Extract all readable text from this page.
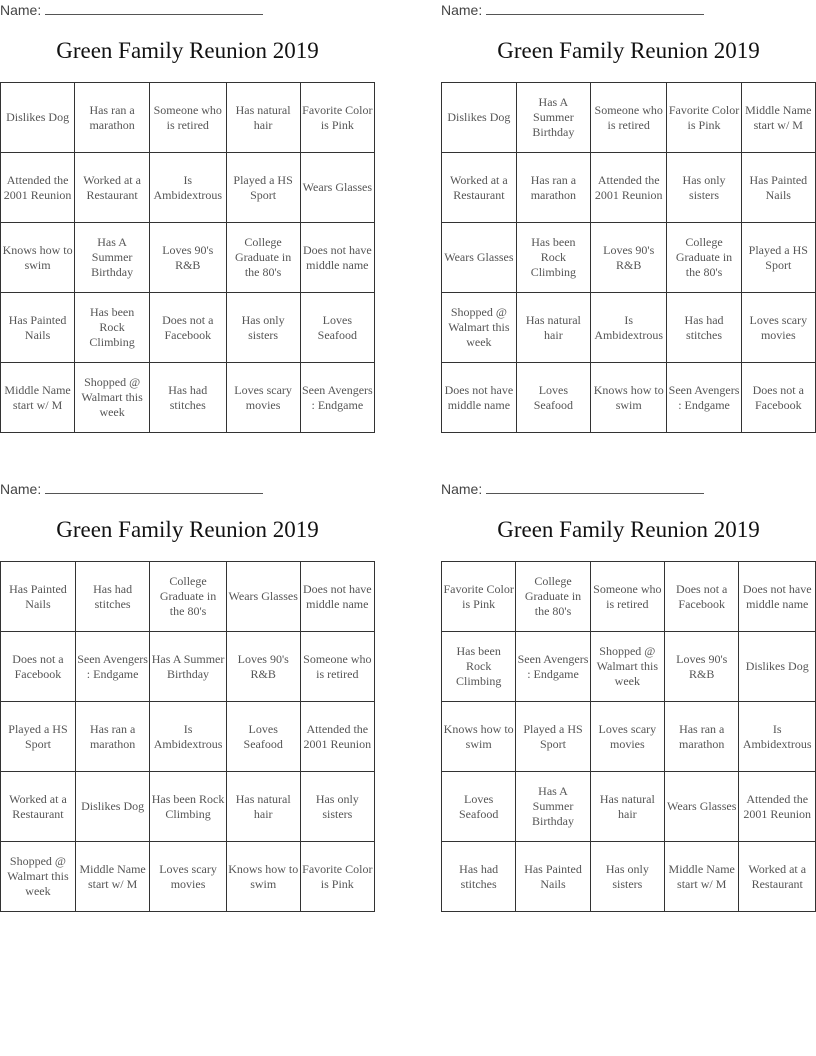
Name:
Green Family Reunion 2019
Dislikes Dog	Has ran a marathon	Someone who is retired	Has natural hair	Favorite Color is Pink
Attended the 2001 Reunion	Worked at a Restaurant	Is Ambidextrous	Played a HS Sport	Wears Glasses
Knows how to swim	Has A Summer Birthday	Loves 90's R&B	College Graduate in the 80's	Does not have middle name
Has Painted Nails	Has been Rock Climbing	Does not a Facebook	Has only sisters	Loves Seafood
Middle Name start w/ M	Shopped @ Walmart this week	Has had stitches	Loves scary movies	Seen Avengers : Endgame
Name:
Green Family Reunion 2019
Dislikes Dog	Has A Summer Birthday	Someone who is retired	Favorite Color is Pink	Middle Name start w/ M
Worked at a Restaurant	Has ran a marathon	Attended the 2001 Reunion	Has only sisters	Has Painted Nails
Wears Glasses	Has been Rock Climbing	Loves 90's R&B	College Graduate in the 80's	Played a HS Sport
Shopped @ Walmart this week	Has natural hair	Is Ambidextrous	Has had stitches	Loves scary movies
Does not have middle name	Loves Seafood	Knows how to swim	Seen Avengers : Endgame	Does not a Facebook
Name:
Green Family Reunion 2019
Has Painted Nails	Has had stitches	College Graduate in the 80's	Wears Glasses	Does not have middle name
Does not a Facebook	Seen Avengers : Endgame	Has A Summer Birthday	Loves 90's R&B	Someone who is retired
Played a HS Sport	Has ran a marathon	Is Ambidextrous	Loves Seafood	Attended the 2001 Reunion
Worked at a Restaurant	Dislikes Dog	Has been Rock Climbing	Has natural hair	Has only sisters
Shopped @ Walmart this week	Middle Name start w/ M	Loves scary movies	Knows how to swim	Favorite Color is Pink
Name:
Green Family Reunion 2019
Favorite Color is Pink	College Graduate in the 80's	Someone who is retired	Does not a Facebook	Does not have middle name
Has been Rock Climbing	Seen Avengers : Endgame	Shopped @ Walmart this week	Loves 90's R&B	Dislikes Dog
Knows how to swim	Played a HS Sport	Loves scary movies	Has ran a marathon	Is Ambidextrous
Loves Seafood	Has A Summer Birthday	Has natural hair	Wears Glasses	Attended the 2001 Reunion
Has had stitches	Has Painted Nails	Has only sisters	Middle Name start w/ M	Worked at a Restaurant
